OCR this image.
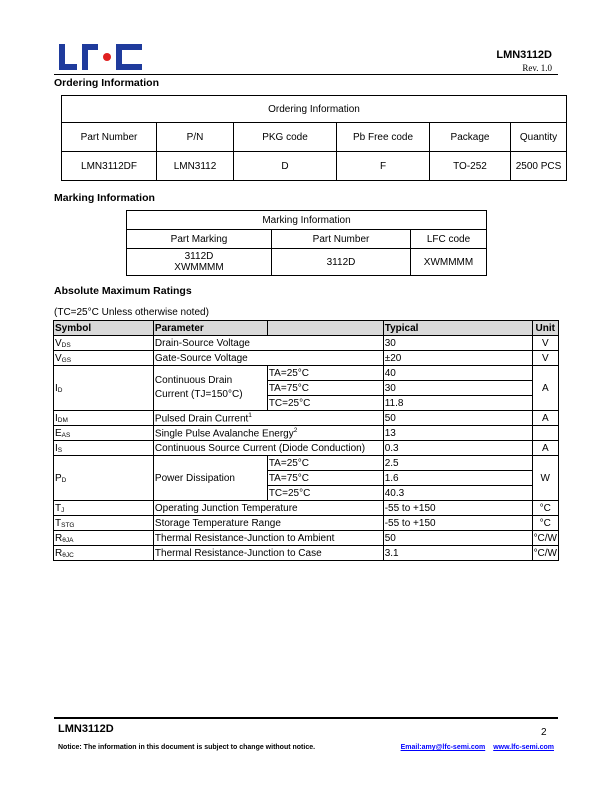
LMN3112D
Rev. 1.0
Ordering Information
Ordering Information					
Part Number	P/N	PKG code	Pb Free code	Package	Quantity
LMN3112DF	LMN3112	D	F	TO-252	2500 PCS
Marking Information
Marking Information		
Part Marking	Part Number	LFC code
3112D
XWMMMM	3112D	XWMMMM
Absolute Maximum Ratings
(TC=25°C Unless otherwise noted)
Symbol	Parameter		Typical	Unit
VDS	Drain-Source Voltage		30	V
VGS	Gate-Source Voltage		±20	V
ID	Continuous Drain
Current (TJ=150°C)	TA=25°C	40	A
		TA=75°C	30	
		TC=25°C	11.8	
IDM	Pulsed Drain Current$^1$		50	A
EAS	Single Pulse Avalanche Energy$^2$		13	
IS	Continuous Source Current (Diode Conduction)		0.3	A
PD	Power Dissipation	TA=25°C	2.5	W
		TA=75°C	1.6	
		TC=25°C	40.3	
TJ	Operating Junction Temperature		-55 to +150	°C
TSTG	Storage Temperature Range		-55 to +150	°C
RθJA	Thermal Resistance-Junction to Ambient		50	°C/W
RθJC	Thermal Resistance-Junction to Case		3.1	°C/W
LMN3112D	2
Notice: The information in this document is subject to change without notice.	Email:amy@lfc-semi.com www.lfc-semi.com
